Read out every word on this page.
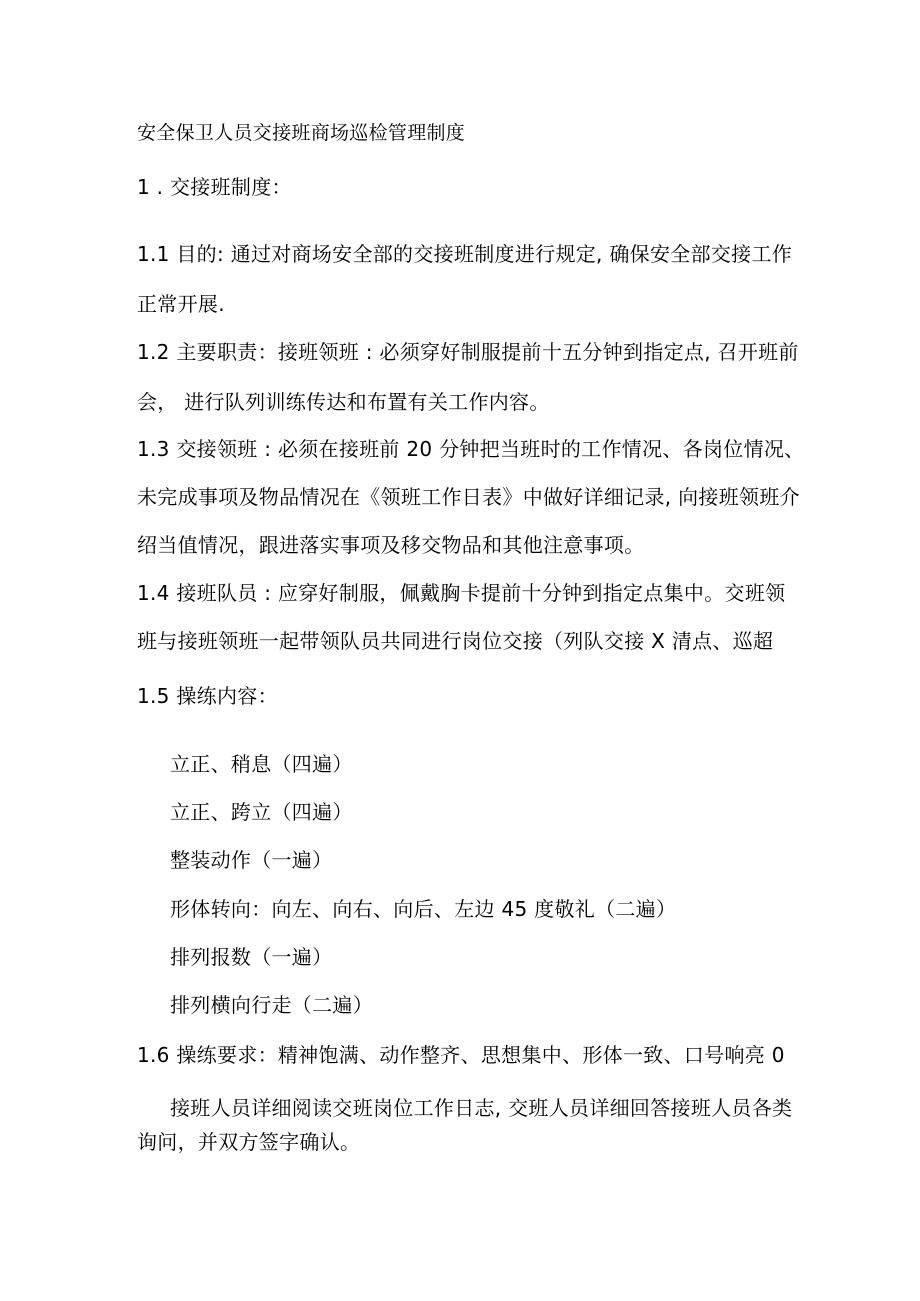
安全保卫人员交接班商场巡检管理制度
1 . 交接班制度：
1.1 目的: 通过对商场安全部的交接班制度进行规定, 确保安全部交接工作
正常开展.
1.2 主要职责：接班领班 : 必须穿好制服提前十五分钟到指定点, 召开班前
会， 进行队列训练传达和布置有关工作内容。
1.3 交接领班 : 必须在接班前 20 分钟把当班时的工作情况、各岗位情况、
未完成事项及物品情况在《领班工作日表》中做好详细记录, 向接班领班介
绍当值情况，跟进落实事项及移交物品和其他注意事项。
1.4 接班队员 : 应穿好制服，佩戴胸卡提前十分钟到指定点集中。交班领
班与接班领班一起带领队员共同进行岗位交接（列队交接 X 清点、巡超
1.5 操练内容：
立正、稍息（四遍）
立正、跨立（四遍）
整装动作（一遍）
形体转向：向左、向右、向后、左边 45 度敬礼（二遍）
排列报数（一遍）
排列横向行走（二遍）
1.6 操练要求：精神饱满、动作整齐、思想集中、形体一致、口号响亮 0
接班人员详细阅读交班岗位工作日志, 交班人员详细回答接班人员各类
询问，并双方签字确认。
